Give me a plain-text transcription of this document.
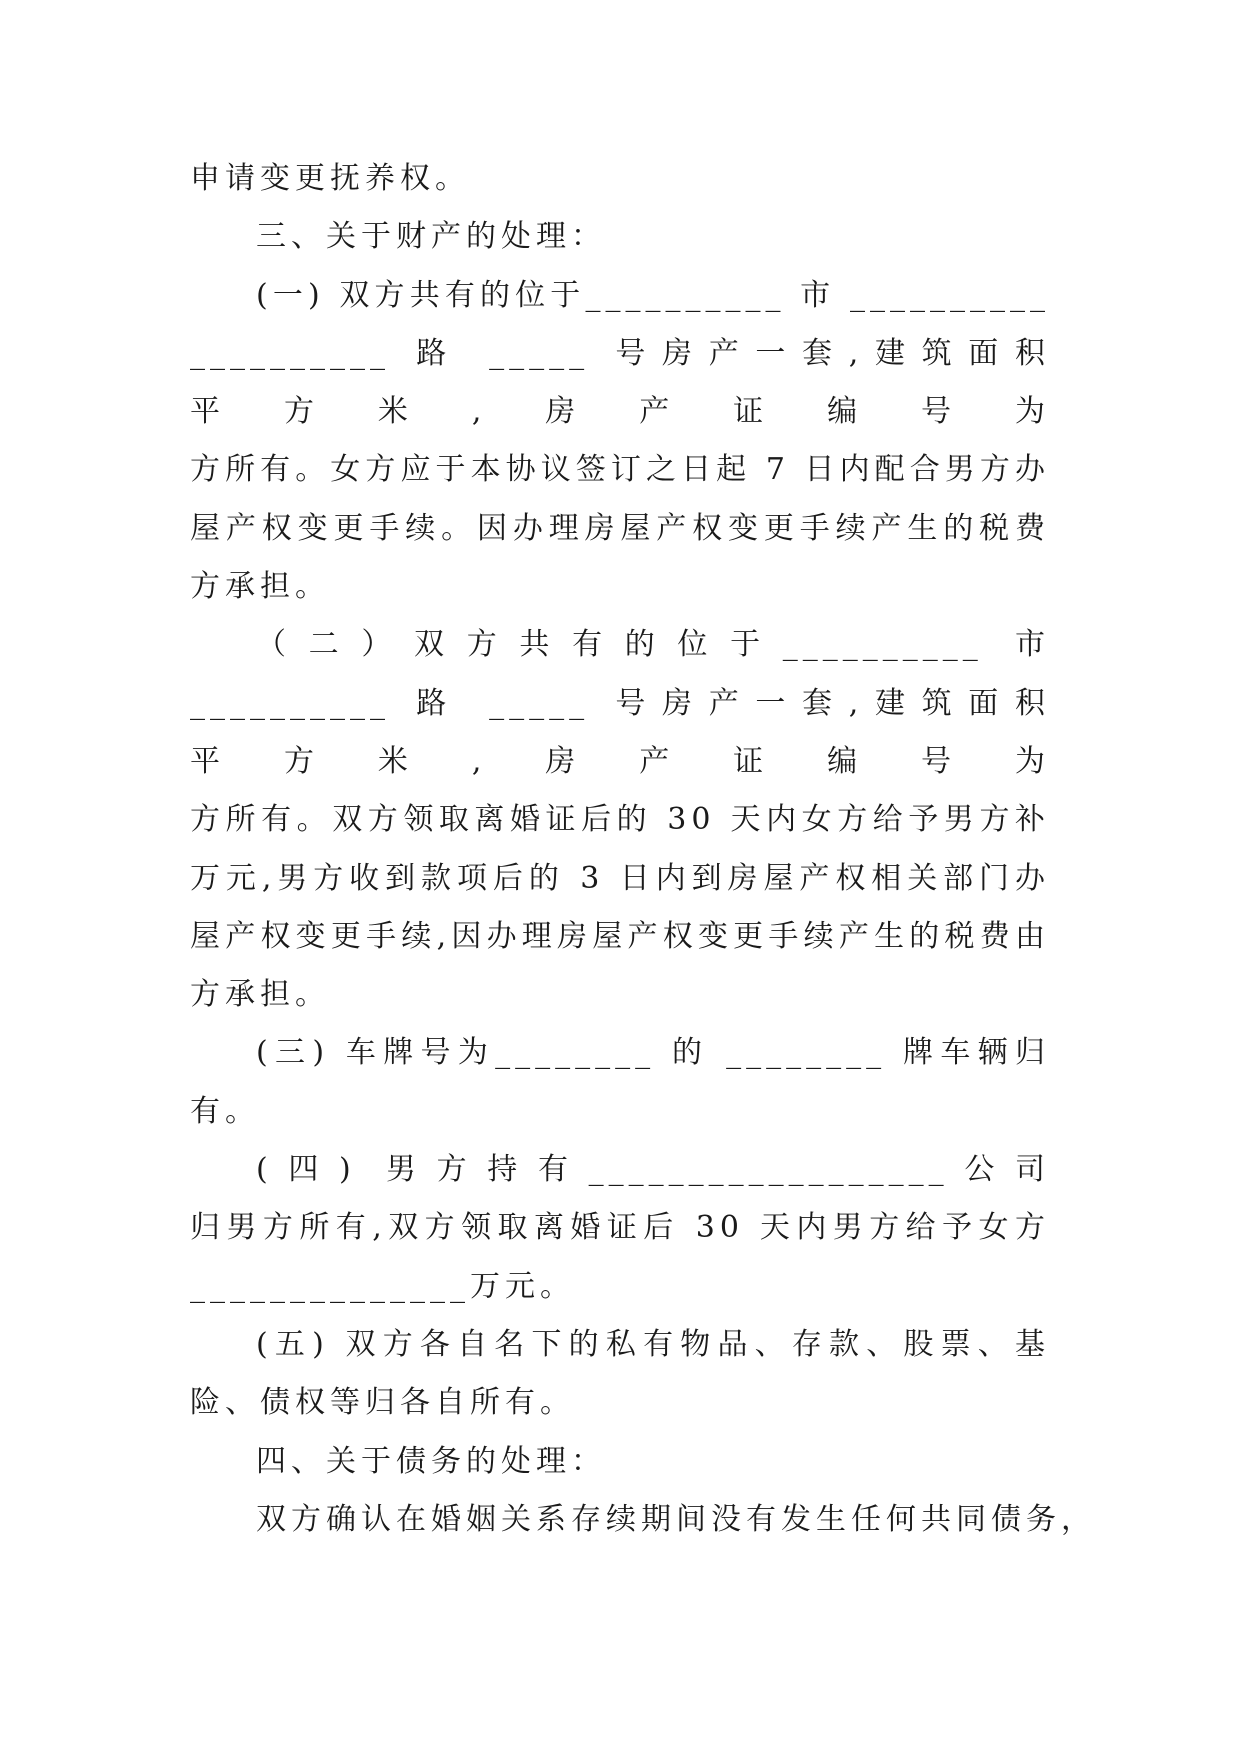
申请变更抚养权。
三、关于财产的处理：
(一) 双方共有的位于__________ 市 __________
__________ 路 _____ 号房产一套,建筑面积
平方米,房产证编号为
方所有。女方应于本协议签订之日起 7 日内配合男方办
屋产权变更手续。因办理房屋产权变更手续产生的税费
方承担。
（二）双方共有的位于__________ 市
__________ 路 _____ 号房产一套,建筑面积
平方米,房产证编号为
方所有。双方领取离婚证后的 30 天内女方给予男方补
万元,男方收到款项后的 3 日内到房屋产权相关部门办
屋产权变更手续,因办理房屋产权变更手续产生的税费由
方承担。
(三) 车牌号为________ 的 ________ 牌车辆归
有。
(四) 男方持有__________________公司
归男方所有,双方领取离婚证后 30 天内男方给予女方
______________万元。
(五) 双方各自名下的私有物品、存款、股票、基
险、债权等归各自所有。
四、关于债务的处理：
双方确认在婚姻关系存续期间没有发生任何共同债务，
